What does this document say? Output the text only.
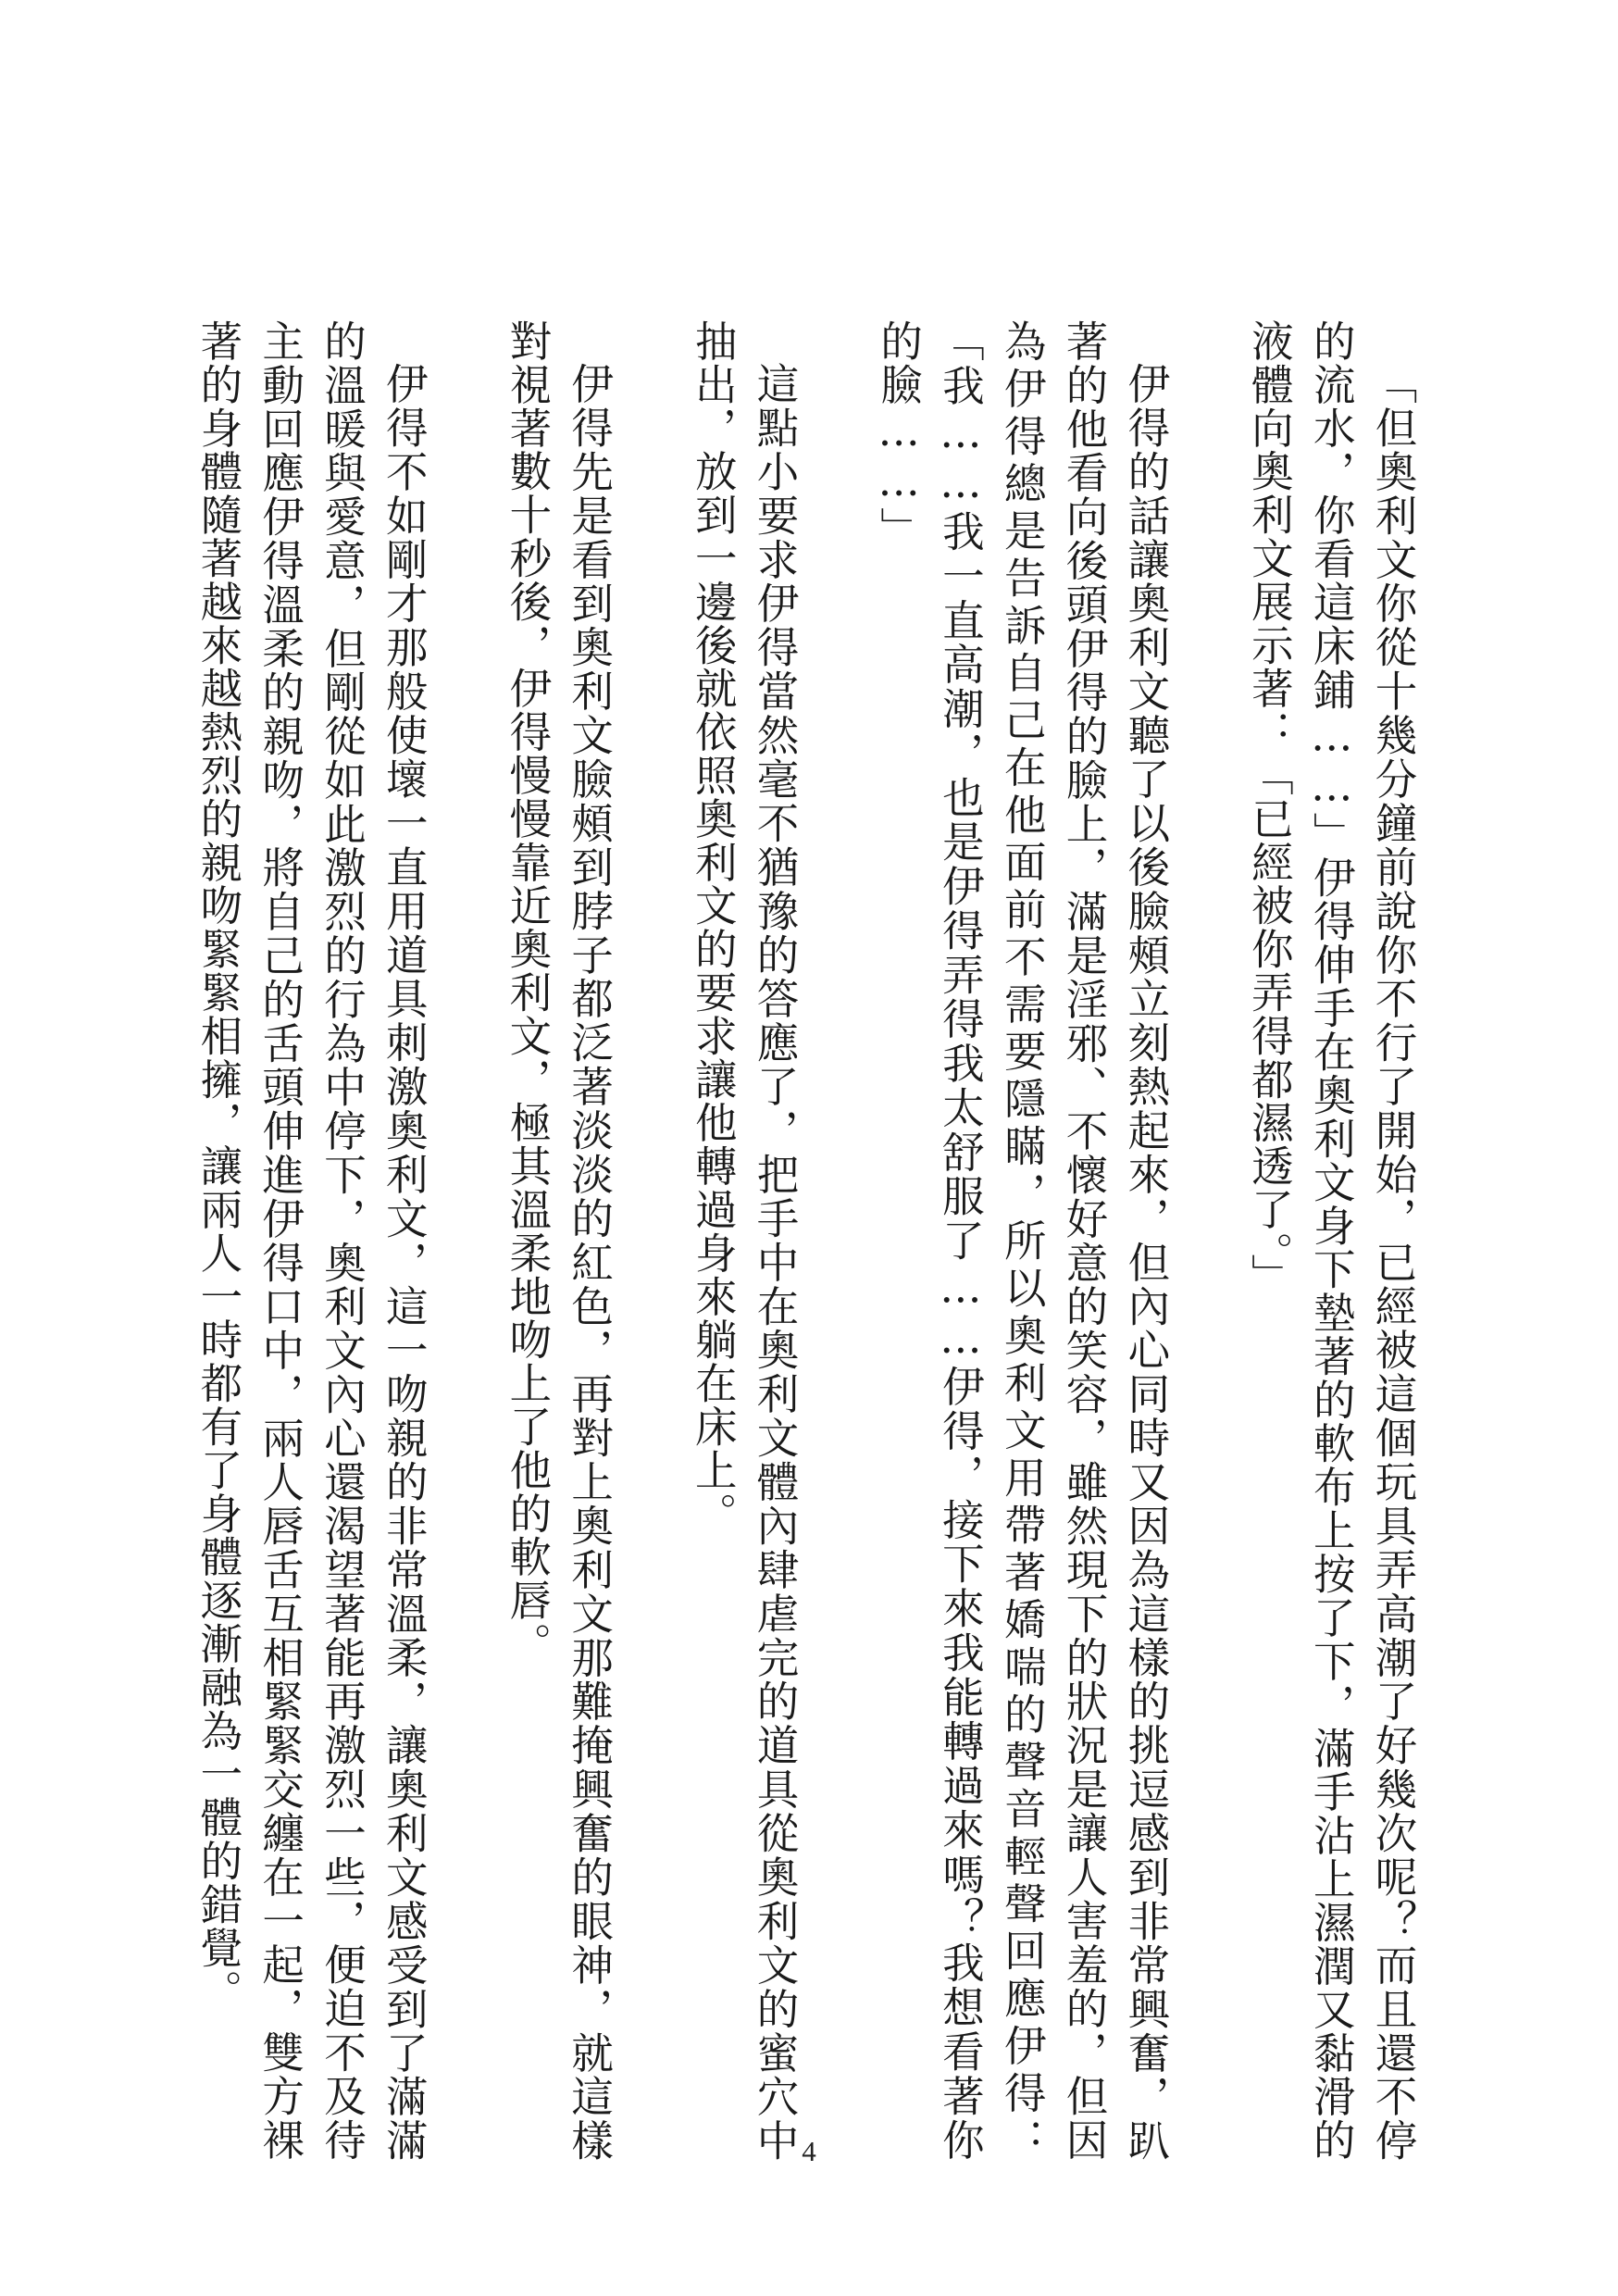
「但奧利文你從十幾分鐘前說你不行了開始，已經被這個玩具弄高潮了好幾次呢？而且還不停的流水，你看這床鋪……」伊得伸手在奧利文身下墊著的軟布上按了下，滿手沾上濕潤又黏滑的液體向奧利文展示著：「已經被你弄得都濕透了。」

伊得的話讓奧利文聽了以後臉頰立刻熱起來，但內心同時又因為這樣的挑逗感到非常興奮，趴著的他看向後頭伊得的臉上，滿是淫邪、不懷好意的笑容，雖然現下的狀況是讓人害羞的，但因為伊得總是告訴自己在他面前不需要隱瞞，所以奧利文用帶著嬌喘的聲音輕聲回應伊得：「我……我一直高潮，也是伊得弄得我太舒服了……伊得，接下來我能轉過來嗎？我想看著你的臉……」

這點小要求伊得當然毫不猶豫的答應了，把手中在奧利文體內肆虐完的道具從奧利文的蜜穴中抽出，放到一邊後就依照奧利文的要求讓他轉過身來躺在床上。

伊得先是看到奧利文臉頰到脖子都泛著淡淡的紅色，再對上奧利文那難掩興奮的眼神，就這樣對視著數十秒後，伊得慢慢靠近奧利文，極其溫柔地吻上了他的軟唇。

伊得不如剛才那般使壞一直用道具刺激奧利文，這一吻親的非常溫柔，讓奧利文感受到了滿滿的溫暖與愛意，但剛從如此激烈的行為中停下，奧利文內心還渴望著能再激烈一些，便迫不及待主動回應伊得溫柔的親吻，將自己的舌頭伸進伊得口中，兩人唇舌互相緊緊交纏在一起，雙方裸著的身體隨著越來越熱烈的親吻緊緊相擁，讓兩人一時都有了身體逐漸融為一體的錯覺。

4
